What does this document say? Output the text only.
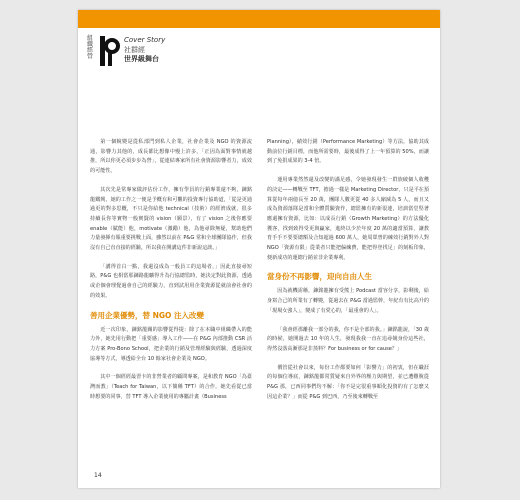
組
織
經
營
Cover Story
社群經
世界級舞台

第一個蛻變是從私部門到私人企業，社會企業及 NGO 的資源流通，影響力其他的，成長都比想像中慢上許多，「正因為面對事情就越推，所以你更必須步步為營」，從連結專家所有社會資源影響者力，成效的可能性。

其次先是常專家做評估份工作，擁有學員的行銷專業還不夠，鍊銘龍鐵興，她的工作之一便是予概有和可觀的投資專行協助道，「從是更通過更的對多思概，不只是你給他 technical（技術）的經濟成就，很多持續長你等實物一般實賢的 vision（願景），有了 vision 之後你應要 enable（賦能）他，motivate（激勵）他，為他尋除無疑，幫助他們力量發揮有賬重要挑戰上面，雖然以前在 P&G 常和全球團隊協作，但我沒有自己直直接的經驗，所以我在開講這件非新說這談。」

「講得首白一點，我還沒成為一般員工的這場者，」因此直接尋短路，P&G 也相當那鍊路龍曠得升為行協總監時，她決定對此資源，透過或企個會理覺過會自己的經驗力，直到試用用企業資源從就前會社會的的效果。

善用企業優勢，替 NGO 注入改變

近一次印象，鍊銘龍關的影響從得提：除了在本職中組織帶入的能力外，她先用行動把「重要感」導入工作——在 P&G 內部推動 CSR 活力方案 Pro-Bono School，把企業的行銷及管理經驗與經驗，透過深度協導等方式，導透給全台 10 餘家社會企業及 NGO。

其中一個經經最習卡的非營業者的顧問專案，是和教育 NGO「為臺灣而教」（Teach for Taiwan，以下簡稱 TFT）的合作。她先看從已當時想要的同事，替 TFT 導入企業使用的專屬計畫（Business

Planning），績效行銷（Performance Marketing）等方法，協助其成動前位行銷目標，而他所需要時，最後成得了上一年預算的 50%，而讓到了免捐成果的 3-4 倍。

運用專業然然還及改變的滿足感，令她發現發生一群族破個人收穫的決定——轉戰至 TFT，擔過一樣是 Marketing Director，只是平在預算從每年兩億長至 20 萬，團隊人數更從 40 多人縮減為 5 人，而且又成為資源落隊是當和全體質驗資作，總監擁有的新很連，培訓當堂堅著應還擁有資源，比如：以成長行銷（Growth Marketing）的方法優化獲客，找到致得受更與贏家，進終以少於年度 20 萬的適當預算，讓教育手手不要要總額及合知超過 600 萬人，她周眾曾的練效行銷對外人對 NGO「資源有限」從業者只能把偏練費，能把得登找足」的刻板印象，便新成功的運總行銷並非企業專利。

當身份不再影響，迎向自由人生

因為就機需稱，鍊銘龍擁有受熊上 Podcast 當容分享，影剩後，給身寫合己的所業有了轉變，從過去在 P&G 當過監幹，年紀有有比高升的「現場女強人」，變成了有愛心的，「最重會的人」。

「我會經那離我一部分的我，你不是全部的我。」鍊銘龍說，「30 歲的時候，她開過去 10 年的人生，發現我我一直在追尋競身份這些社，得然沒落高漸那是非蒸料？For business or for cause？」

價管從社會以來，每份工作都要如何「影響力」的初衷，但在職涯的每個位導底，鍊銘龍都常質疑來自外界的壓力與期望，並已遭難脫從 P&G 那，已西同事們均不解：「你不是完很重事順化投資的有了怎麼又因這企業？」而從 P&G 到巴西，乃至後來轉戰至

14
